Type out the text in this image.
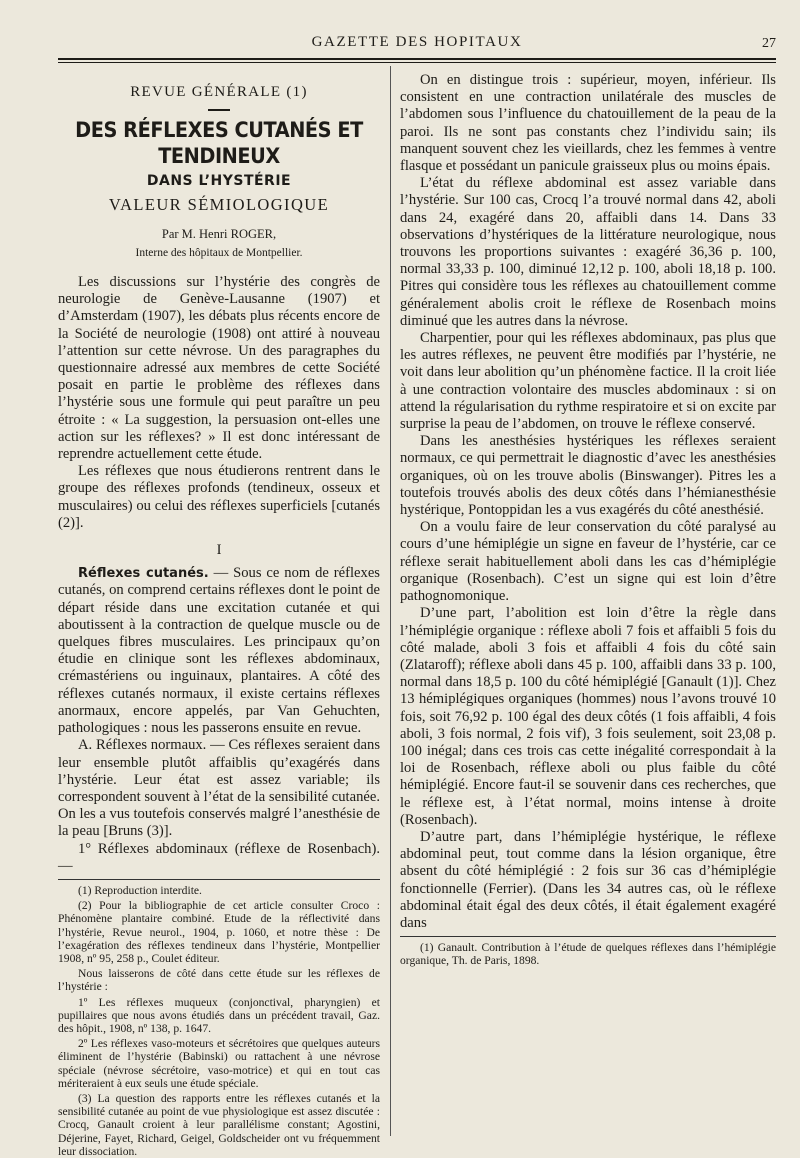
GAZETTE DES HOPITAUX	27

REVUE GÉNÉRALE (1)

DES RÉFLEXES CUTANÉS ET TENDINEUX

DANS L’HYSTÉRIE

VALEUR SÉMIOLOGIQUE

Par M. Henri ROGER,

Interne des hôpitaux de Montpellier.

Les discussions sur l’hystérie des congrès de neurologie de Genève-Lausanne (1907) et d’Amsterdam (1907), les débats plus récents encore de la Société de neurologie (1908) ont attiré à nouveau l’attention sur cette névrose. Un des paragraphes du questionnaire adressé aux membres de cette Société posait en partie le problème des réflexes dans l’hystérie sous une formule qui peut paraître un peu étroite : « La suggestion, la persuasion ont-elles une action sur les réflexes? » Il est donc intéressant de reprendre actuellement cette étude.

Les réflexes que nous étudierons rentrent dans le groupe des réflexes profonds (tendineux, osseux et musculaires) ou celui des réflexes superficiels [cutanés (2)].

I

Réflexes cutanés. — Sous ce nom de réflexes cutanés, on comprend certains réflexes dont le point de départ réside dans une excitation cutanée et qui aboutissent à la contraction de quelque muscle ou de quelques fibres musculaires. Les principaux qu’on étudie en clinique sont les réflexes abdominaux, crémastériens ou inguinaux, plantaires. A côté des réflexes cutanés normaux, il existe certains réflexes anormaux, encore appelés, par Van Gehuchten, pathologiques : nous les passerons ensuite en revue.

A. Réflexes normaux. — Ces réflexes seraient dans leur ensemble plutôt affaiblis qu’exagérés dans l’hystérie. Leur état est assez variable; ils correspondent souvent à l’état de la sensibilité cutanée. On les a vus toutefois conservés malgré l’anesthésie de la peau [Bruns (3)].

1° Réflexes abdominaux (réflexe de Rosenbach). —

(1) Reproduction interdite.

(2) Pour la bibliographie de cet article consulter Croco : Phénomène plantaire combiné. Etude de la réflectivité dans l’hystérie, Revue neurol., 1904, p. 1060, et notre thèse : De l’exagération des réflexes tendineux dans l’hystérie, Montpellier 1908, nº 95, 258 p., Coulet éditeur.

Nous laisserons de côté dans cette étude sur les réflexes de l’hystérie :

1º Les réflexes muqueux (conjonctival, pharyngien) et pupillaires que nous avons étudiés dans un précédent travail, Gaz. des hôpit., 1908, nº 138, p. 1647.

2º Les réflexes vaso-moteurs et sécrétoires que quelques auteurs éliminent de l’hystérie (Babinski) ou rattachent à une névrose spéciale (névrose sécrétoire, vaso-motrice) et qui en tout cas mériteraient à eux seuls une étude spéciale.

(3) La question des rapports entre les réflexes cutanés et la sensibilité cutanée au point de vue physiologique est assez discutée : Crocq, Ganault croient à leur parallélisme constant; Agostini, Déjerine, Fayet, Richard, Geigel, Goldscheider ont vu fréquemment leur dissociation.

On en distingue trois : supérieur, moyen, inférieur. Ils consistent en une contraction unilatérale des muscles de l’abdomen sous l’influence du chatouillement de la peau de la paroi. Ils ne sont pas constants chez l’individu sain; ils manquent souvent chez les vieillards, chez les femmes à ventre flasque et possédant un panicule graisseux plus ou moins épais.

L’état du réflexe abdominal est assez variable dans l’hystérie. Sur 100 cas, Crocq l’a trouvé normal dans 42, aboli dans 24, exagéré dans 20, affaibli dans 14. Dans 33 observations d’hystériques de la littérature neurologique, nous trouvons les proportions suivantes : exagéré 36,36 p. 100, normal 33,33 p. 100, diminué 12,12 p. 100, aboli 18,18 p. 100. Pitres qui considère tous les réflexes au chatouillement comme généralement abolis croit le réflexe de Rosenbach moins diminué que les autres dans la névrose.

Charpentier, pour qui les réflexes abdominaux, pas plus que les autres réflexes, ne peuvent être modifiés par l’hystérie, ne voit dans leur abolition qu’un phénomène factice. Il la croit liée à une contraction volontaire des muscles abdominaux : si on attend la régularisation du rythme respiratoire et si on excite par surprise la peau de l’abdomen, on trouve le réflexe conservé.

Dans les anesthésies hystériques les réflexes seraient normaux, ce qui permettrait le diagnostic d’avec les anesthésies organiques, où on les trouve abolis (Binswanger). Pitres les a toutefois trouvés abolis des deux côtés dans l’hémianesthésie hystérique, Pontoppidan les a vus exagérés du côté anesthésié.

On a voulu faire de leur conservation du côté paralysé au cours d’une hémiplégie un signe en faveur de l’hystérie, car ce réflexe serait habituellement aboli dans les cas d’hémiplégie organique (Rosenbach). C’est un signe qui est loin d’être pathognomonique.

D’une part, l’abolition est loin d’être la règle dans l’hémiplégie organique : réflexe aboli 7 fois et affaibli 5 fois du côté malade, aboli 3 fois et affaibli 4 fois du côté sain (Zlataroff); réflexe aboli dans 45 p. 100, affaibli dans 33 p. 100, normal dans 18,5 p. 100 du côté hémiplégié [Ganault (1)]. Chez 13 hémiplégiques organiques (hommes) nous l’avons trouvé 10 fois, soit 76,92 p. 100 égal des deux côtés (1 fois affaibli, 4 fois aboli, 3 fois normal, 2 fois vif), 3 fois seulement, soit 23,08 p. 100 inégal; dans ces trois cas cette inégalité correspondait à la loi de Rosenbach, réflexe aboli ou plus faible du côté hémiplégié. Encore faut-il se souvenir dans ces recherches, que le réflexe est, à l’état normal, moins intense à droite (Rosenbach).

D’autre part, dans l’hémiplégie hystérique, le réflexe abdominal peut, tout comme dans la lésion organique, être absent du côté hémiplégié : 2 fois sur 36 cas d’hémiplégie fonctionnelle (Ferrier). (Dans les 34 autres cas, où le réflexe abdominal était égal des deux côtés, il était également exagéré dans

(1) Ganault. Contribution à l’étude de quelques réflexes dans l’hémiplégie organique, Th. de Paris, 1898.
